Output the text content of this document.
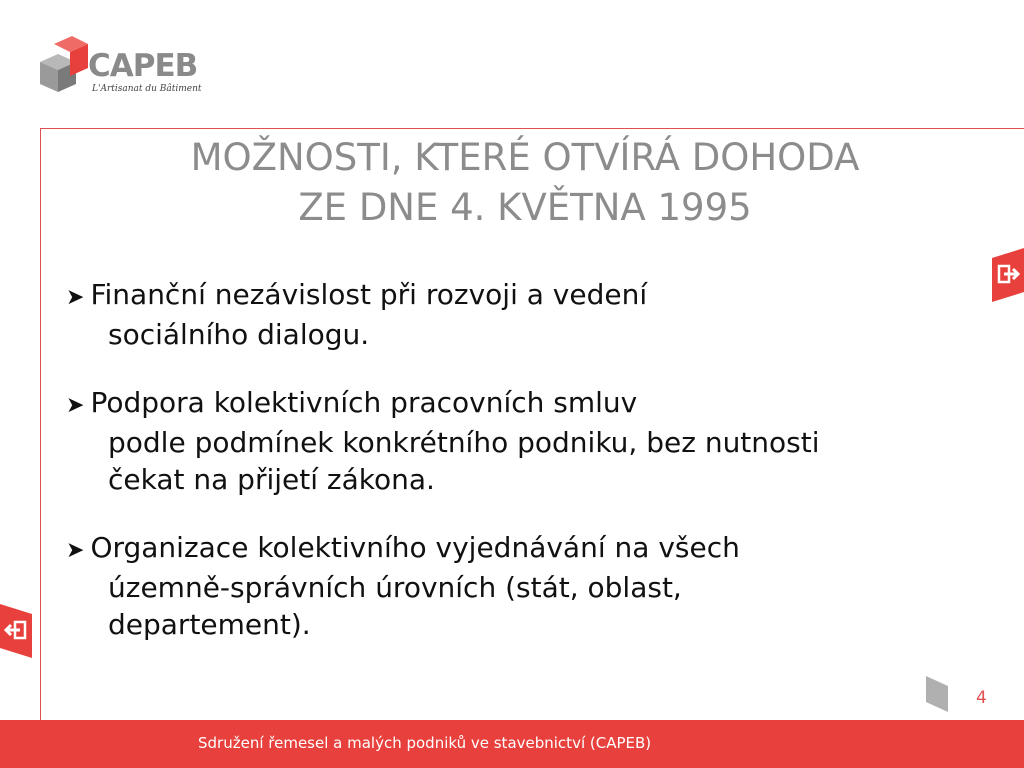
CAPEB
L'Artisanat du Bâtiment
MOŽNOSTI, KTERÉ OTVÍRÁ DOHODA
ZE DNE 4. KVĚTNA 1995

➤ Finanční nezávislost při rozvoji a vedení

sociálního dialogu.

➤ Podpora kolektivních pracovních smluv

podle podmínek konkrétního podniku, bez nutnosti

čekat na přijetí zákona.

➤ Organizace kolektivního vyjednávání na všech

územně-správních úrovních (stát, oblast,

departement).

4
Sdružení řemesel a malých podniků ve stavebnictví (CAPEB)
